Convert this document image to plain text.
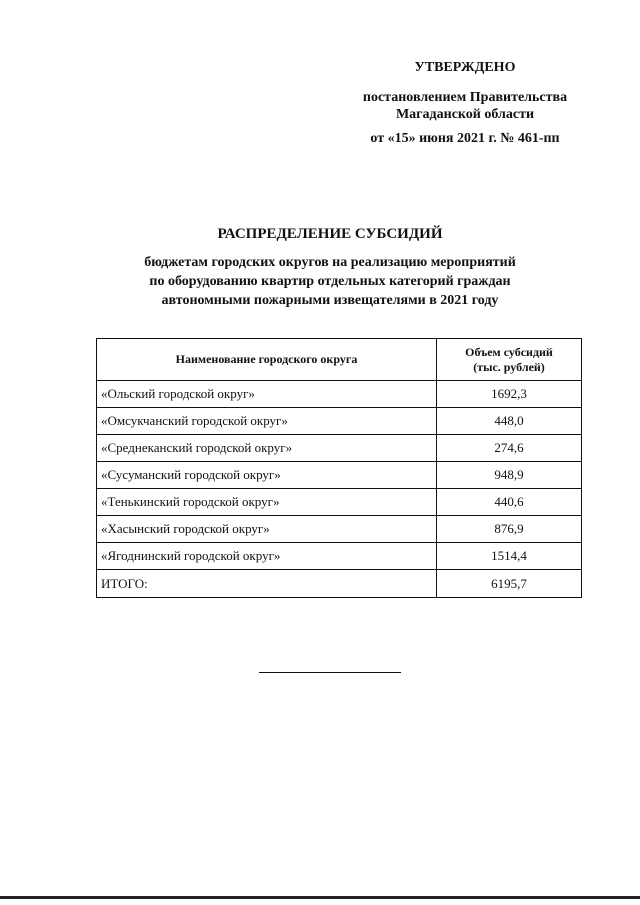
УТВЕРЖДЕНО
постановлением Правительства
Магаданской области
от «15» июня 2021 г. № 461-пп
РАСПРЕДЕЛЕНИЕ СУБСИДИЙ
бюджетам городских округов на реализацию мероприятий
по оборудованию квартир отдельных категорий граждан
автономными пожарными извещателями в 2021 году
Наименование городского округа	Объем субсидий
(тыс. рублей)

«Ольский городской округ»	1692,3
«Омсукчанский городской округ»	448,0
«Среднеканский городской округ»	274,6
«Сусуманский городской округ»	948,9
«Тенькинский городской округ»	440,6
«Хасынский городской округ»	876,9
«Ягоднинский городской округ»	1514,4
ИТОГО:	6195,7
